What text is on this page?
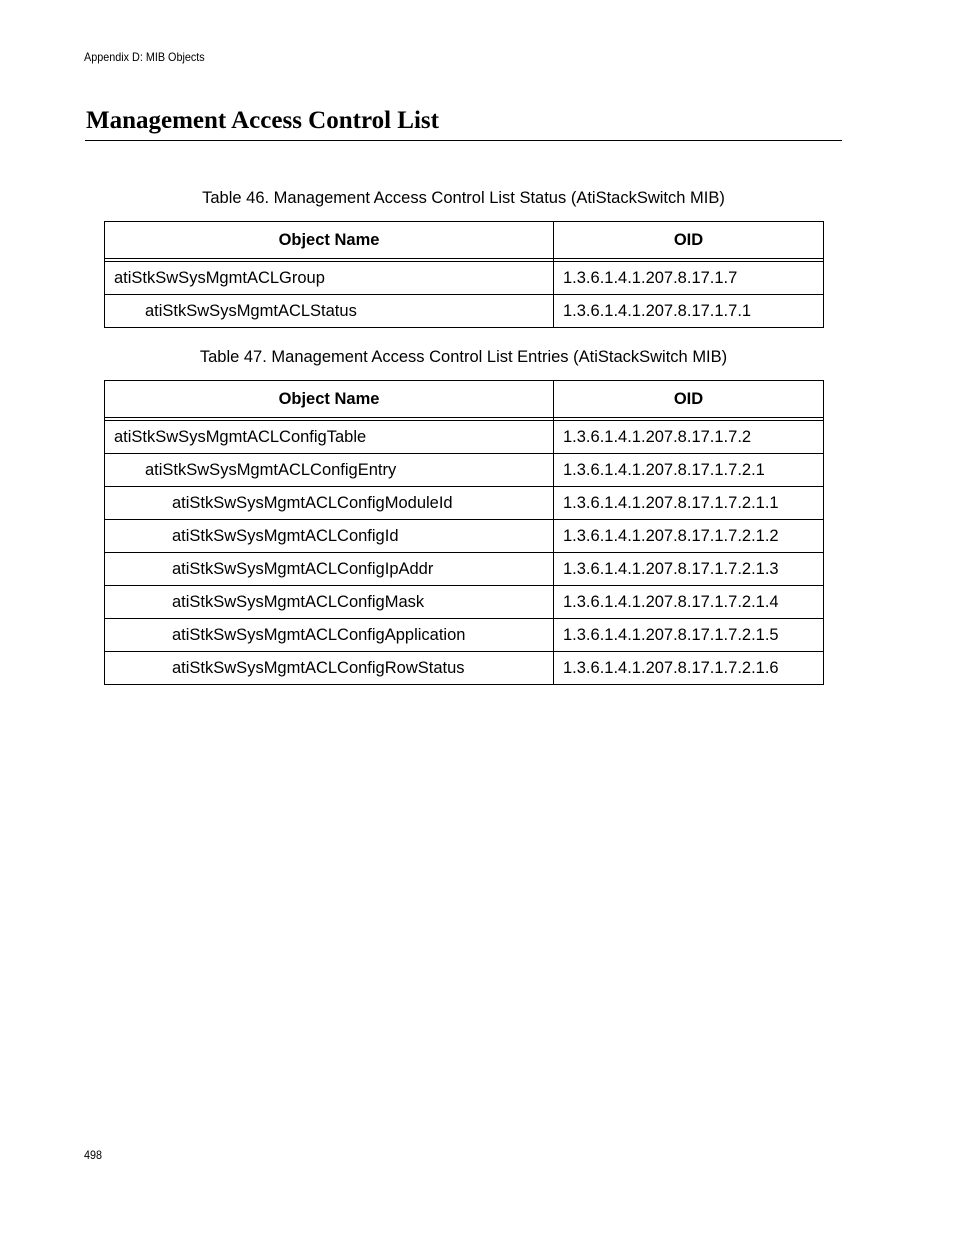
Appendix D: MIB Objects
Management Access Control List
Table 46. Management Access Control List Status (AtiStackSwitch MIB)
Object Name	OID

atiStkSwSysMgmtACLGroup	1.3.6.1.4.1.207.8.17.1.7
atiStkSwSysMgmtACLStatus	1.3.6.1.4.1.207.8.17.1.7.1
Table 47. Management Access Control List Entries (AtiStackSwitch MIB)
Object Name	OID

atiStkSwSysMgmtACLConfigTable	1.3.6.1.4.1.207.8.17.1.7.2
atiStkSwSysMgmtACLConfigEntry	1.3.6.1.4.1.207.8.17.1.7.2.1
atiStkSwSysMgmtACLConfigModuleId	1.3.6.1.4.1.207.8.17.1.7.2.1.1
atiStkSwSysMgmtACLConfigId	1.3.6.1.4.1.207.8.17.1.7.2.1.2
atiStkSwSysMgmtACLConfigIpAddr	1.3.6.1.4.1.207.8.17.1.7.2.1.3
atiStkSwSysMgmtACLConfigMask	1.3.6.1.4.1.207.8.17.1.7.2.1.4
atiStkSwSysMgmtACLConfigApplication	1.3.6.1.4.1.207.8.17.1.7.2.1.5
atiStkSwSysMgmtACLConfigRowStatus	1.3.6.1.4.1.207.8.17.1.7.2.1.6
498
